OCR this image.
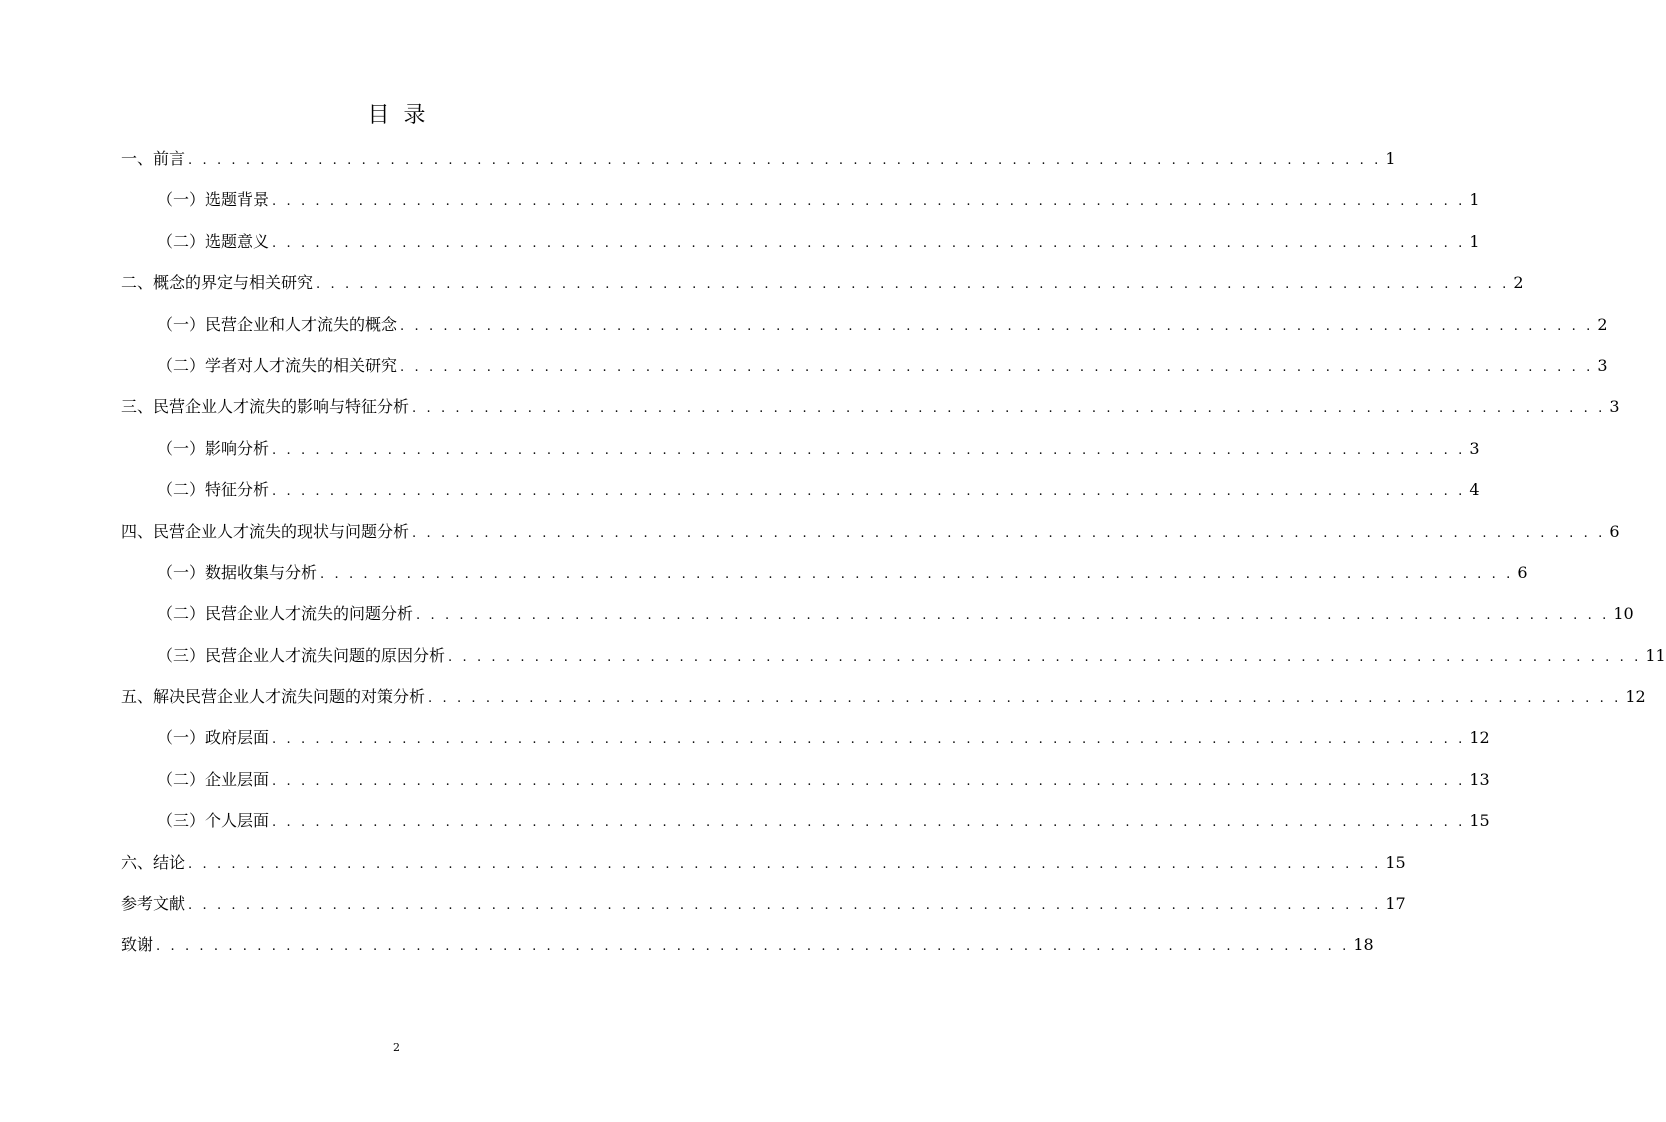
目录
一、前言 . . . . . . . . . . . . . . . . . . . . . . . . . . . . . . . . . . . . . . . . . . . . . . . . . . . . . . . . . . . . . . . . . . . . . . . . . . . . . . . . . . . 1
（一）选题背景 . . . . . . . . . . . . . . . . . . . . . . . . . . . . . . . . . . . . . . . . . . . . . . . . . . . . . . . . . . . . . . . . . . . . . . . . . . . . . . . . . . . 1
（二）选题意义 . . . . . . . . . . . . . . . . . . . . . . . . . . . . . . . . . . . . . . . . . . . . . . . . . . . . . . . . . . . . . . . . . . . . . . . . . . . . . . . . . . . 1
二、概念的界定与相关研究 . . . . . . . . . . . . . . . . . . . . . . . . . . . . . . . . . . . . . . . . . . . . . . . . . . . . . . . . . . . . . . . . . . . . . . . . . . . . . . . . . . . 2
（一）民营企业和人才流失的概念 . . . . . . . . . . . . . . . . . . . . . . . . . . . . . . . . . . . . . . . . . . . . . . . . . . . . . . . . . . . . . . . . . . . . . . . . . . . . . . . . . . . 2
（二）学者对人才流失的相关研究 . . . . . . . . . . . . . . . . . . . . . . . . . . . . . . . . . . . . . . . . . . . . . . . . . . . . . . . . . . . . . . . . . . . . . . . . . . . . . . . . . . . 3
三、民营企业人才流失的影响与特征分析 . . . . . . . . . . . . . . . . . . . . . . . . . . . . . . . . . . . . . . . . . . . . . . . . . . . . . . . . . . . . . . . . . . . . . . . . . . . . . . . . . . . 3
（一）影响分析 . . . . . . . . . . . . . . . . . . . . . . . . . . . . . . . . . . . . . . . . . . . . . . . . . . . . . . . . . . . . . . . . . . . . . . . . . . . . . . . . . . . 3
（二）特征分析 . . . . . . . . . . . . . . . . . . . . . . . . . . . . . . . . . . . . . . . . . . . . . . . . . . . . . . . . . . . . . . . . . . . . . . . . . . . . . . . . . . . 4
四、民营企业人才流失的现状与问题分析 . . . . . . . . . . . . . . . . . . . . . . . . . . . . . . . . . . . . . . . . . . . . . . . . . . . . . . . . . . . . . . . . . . . . . . . . . . . . . . . . . . . 6
（一）数据收集与分析 . . . . . . . . . . . . . . . . . . . . . . . . . . . . . . . . . . . . . . . . . . . . . . . . . . . . . . . . . . . . . . . . . . . . . . . . . . . . . . . . . . . 6
（二）民营企业人才流失的问题分析 . . . . . . . . . . . . . . . . . . . . . . . . . . . . . . . . . . . . . . . . . . . . . . . . . . . . . . . . . . . . . . . . . . . . . . . . . . . . . . . . . . . 10
（三）民营企业人才流失问题的原因分析 . . . . . . . . . . . . . . . . . . . . . . . . . . . . . . . . . . . . . . . . . . . . . . . . . . . . . . . . . . . . . . . . . . . . . . . . . . . . . . . . . . . 11
五、解决民营企业人才流失问题的对策分析 . . . . . . . . . . . . . . . . . . . . . . . . . . . . . . . . . . . . . . . . . . . . . . . . . . . . . . . . . . . . . . . . . . . . . . . . . . . . . . . . . . . 12
（一）政府层面 . . . . . . . . . . . . . . . . . . . . . . . . . . . . . . . . . . . . . . . . . . . . . . . . . . . . . . . . . . . . . . . . . . . . . . . . . . . . . . . . . . . 12
（二）企业层面 . . . . . . . . . . . . . . . . . . . . . . . . . . . . . . . . . . . . . . . . . . . . . . . . . . . . . . . . . . . . . . . . . . . . . . . . . . . . . . . . . . . 13
（三）个人层面 . . . . . . . . . . . . . . . . . . . . . . . . . . . . . . . . . . . . . . . . . . . . . . . . . . . . . . . . . . . . . . . . . . . . . . . . . . . . . . . . . . . 15
六、结论 . . . . . . . . . . . . . . . . . . . . . . . . . . . . . . . . . . . . . . . . . . . . . . . . . . . . . . . . . . . . . . . . . . . . . . . . . . . . . . . . . . . 15
参考文献 . . . . . . . . . . . . . . . . . . . . . . . . . . . . . . . . . . . . . . . . . . . . . . . . . . . . . . . . . . . . . . . . . . . . . . . . . . . . . . . . . . . 17
致谢 . . . . . . . . . . . . . . . . . . . . . . . . . . . . . . . . . . . . . . . . . . . . . . . . . . . . . . . . . . . . . . . . . . . . . . . . . . . . . . . . . . . 18
2
